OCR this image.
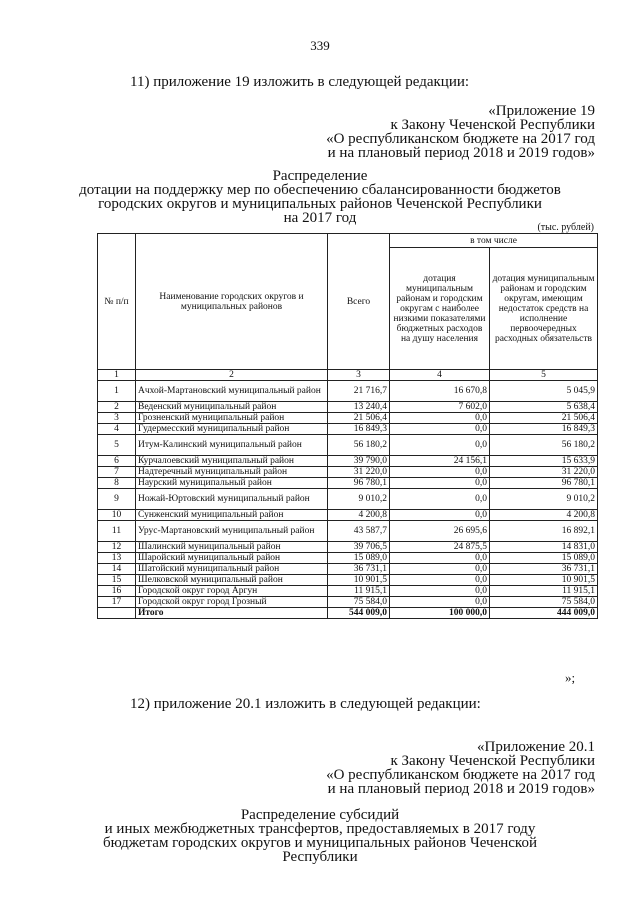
339
11) приложение 19 изложить в следующей редакции:
«Приложение 19
к Закону Чеченской Республики
«О республиканском бюджете на 2017 год
и на плановый период 2018 и 2019 годов»
Распределение
дотации на поддержку мер по обеспечению сбалансированности бюджетов
городских округов и муниципальных районов Чеченской Республики
на 2017 год
(тыс. рублей)
№ п/п	Наименование городских округов и муниципальных районов	Всего	в том числе	
			дотация муниципальным районам и городским округам с наиболее низкими показателями бюджетных расходов на душу населения	дотация муниципальным районам и городским округам, имеющим недостаток средств на исполнение первоочередных расходных обязательств
1	2	3	4	5
1	Ачхой-Мартановский муниципальный район	21 716,7	16 670,8	5 045,9
2	Веденский муниципальный район	13 240,4	7 602,0	5 638,4
3	Грозненский муниципальный район	21 506,4	0,0	21 506,4
4	Гудермесский муниципальный район	16 849,3	0,0	16 849,3
5	Итум-Калинский муниципальный район	56 180,2	0,0	56 180,2
6	Курчалоевский муниципальный район	39 790,0	24 156,1	15 633,9
7	Надтеречный муниципальный район	31 220,0	0,0	31 220,0
8	Наурский муниципальный район	96 780,1	0,0	96 780,1
9	Ножай-Юртовский муниципальный район	9 010,2	0,0	9 010,2
10	Сунженский муниципальный район	4 200,8	0,0	4 200,8
11	Урус-Мартановский муниципальный район	43 587,7	26 695,6	16 892,1
12	Шалинский муниципальный район	39 706,5	24 875,5	14 831,0
13	Шаройский муниципальный район	15 089,0	0,0	15 089,0
14	Шатойский муниципальный район	36 731,1	0,0	36 731,1
15	Шелковской муниципальный район	10 901,5	0,0	10 901,5
16	Городской округ город Аргун	11 915,1	0,0	11 915,1
17	Городской округ город Грозный	75 584,0	0,0	75 584,0
	Итого	544 009,0	100 000,0	444 009,0
»;
12) приложение 20.1 изложить в следующей редакции:
«Приложение 20.1
к Закону Чеченской Республики
«О республиканском бюджете на 2017 год
и на плановый период 2018 и 2019 годов»
Распределение субсидий
и иных межбюджетных трансфертов, предоставляемых в 2017 году
бюджетам городских округов и муниципальных районов Чеченской
Республики
